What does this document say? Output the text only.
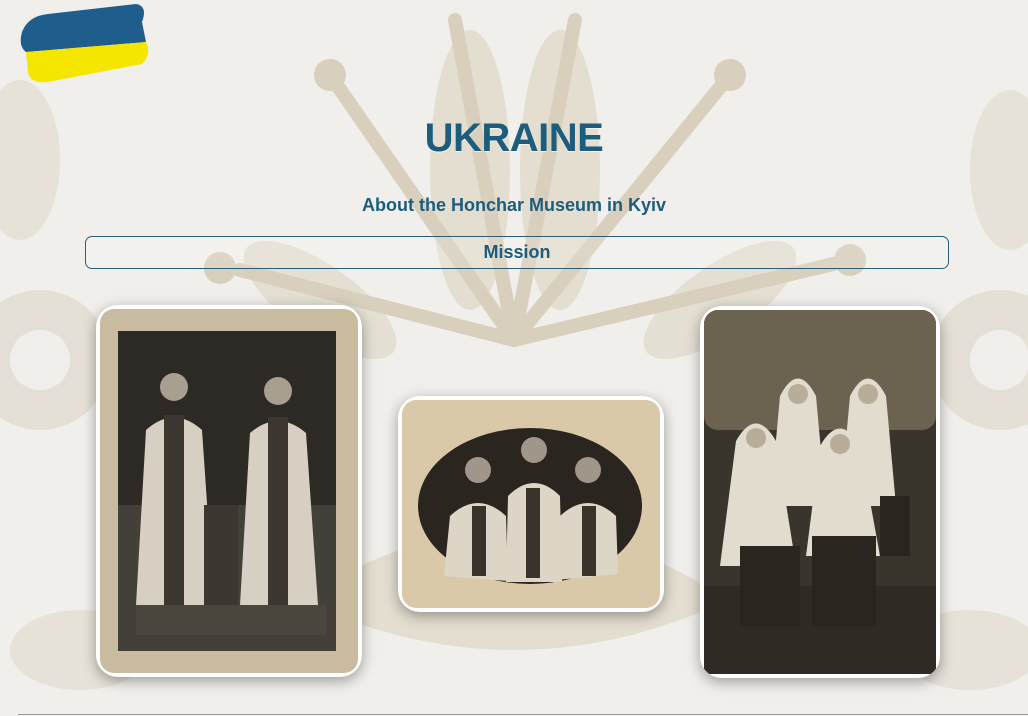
UKRAINE
About the Honchar Museum in Kyiv
Mission
